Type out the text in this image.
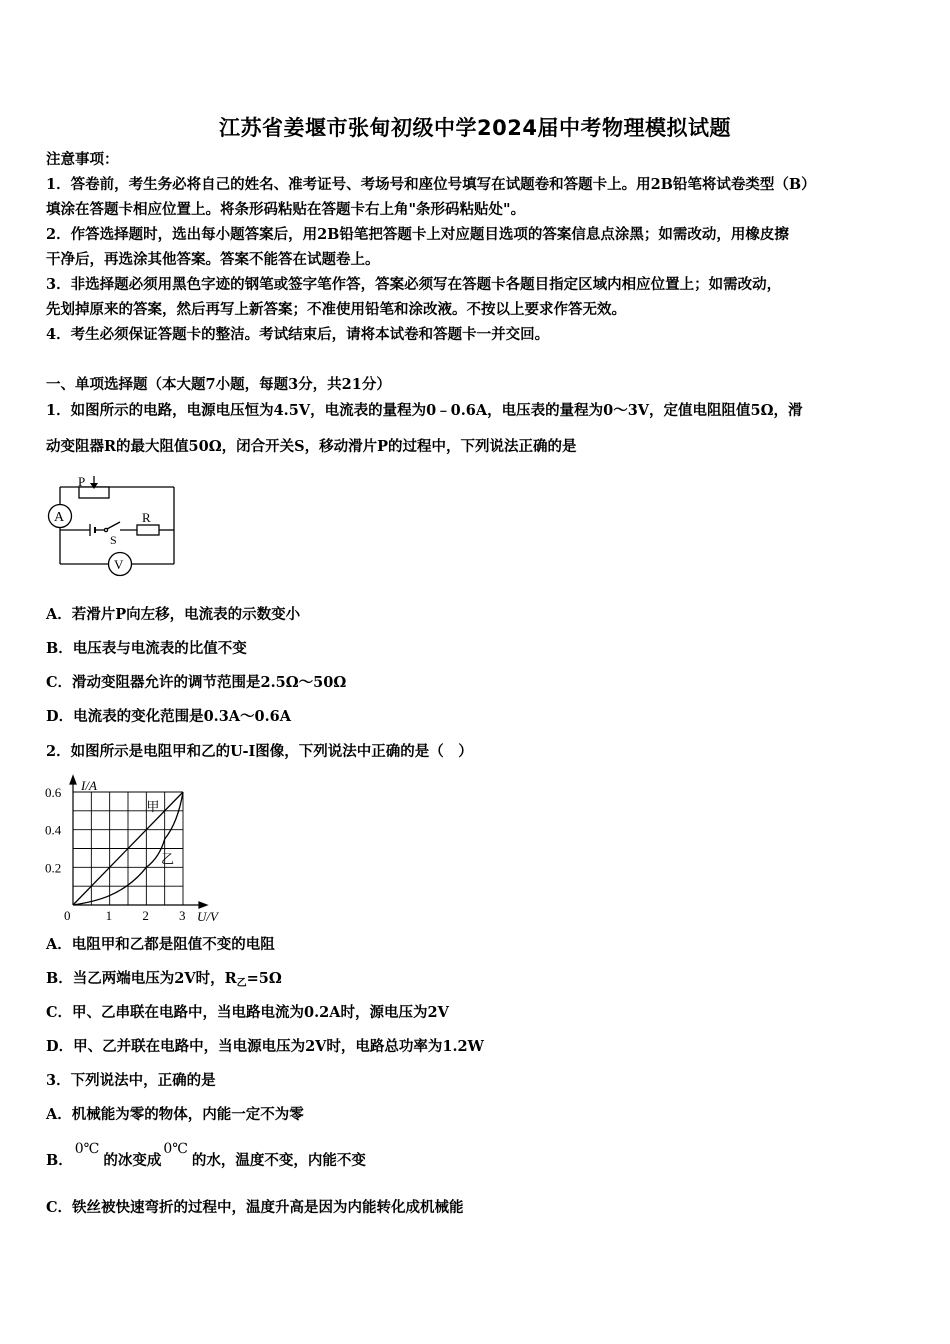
江苏省姜堰市张甸初级中学2024届中考物理模拟试题
注意事项：
1．答卷前，考生务必将自己的姓名、准考证号、考场号和座位号填写在试题卷和答题卡上。用2B铅笔将试卷类型（B）
填涂在答题卡相应位置上。将条形码粘贴在答题卡右上角"条形码粘贴处"。
2．作答选择题时，选出每小题答案后，用2B铅笔把答题卡上对应题目选项的答案信息点涂黑；如需改动，用橡皮擦
干净后，再选涂其他答案。答案不能答在试题卷上。
3．非选择题必须用黑色字迹的钢笔或签字笔作答，答案必须写在答题卡各题目指定区域内相应位置上；如需改动，
先划掉原来的答案，然后再写上新答案；不准使用铅笔和涂改液。不按以上要求作答无效。
4．考生必须保证答题卡的整洁。考试结束后，请将本试卷和答题卡一并交回。
一、单项选择题（本大题7小题，每题3分，共21分）
1．如图所示的电路，电源电压恒为4.5V，电流表的量程为0﹣0.6A，电压表的量程为0～3V，定值电阻阻值5Ω，滑
动变阻器R的最大阻值50Ω，闭合开关S，移动滑片P的过程中，下列说法正确的是
P
A	R
S
V
A．若滑片P向左移，电流表的示数变小
B．电压表与电流表的比值不变
C．滑动变阻器允许的调节范围是2.5Ω～50Ω
D．电流表的变化范围是0.3A～0.6A
2．如图所示是电阻甲和乙的U-I图像，下列说法中正确的是（　）
1 2 3
0.2
0.4
0.6
0	U/V
I/A
甲
乙
A．电阻甲和乙都是阻值不变的电阻
B．当乙两端电压为2V时，$R_乙=5\Omega$
C．甲、乙串联在电路中，当电路电流为0.2A时，源电压为2V
D．甲、乙并联在电路中，当电源电压为2V时，电路总功率为1.2W
3．下列说法中，正确的是
A．机械能为零的物体，内能一定不为零
B．0℃的冰变成0℃的水，温度不变，内能不变
C．铁丝被快速弯折的过程中，温度升高是因为内能转化成机械能
